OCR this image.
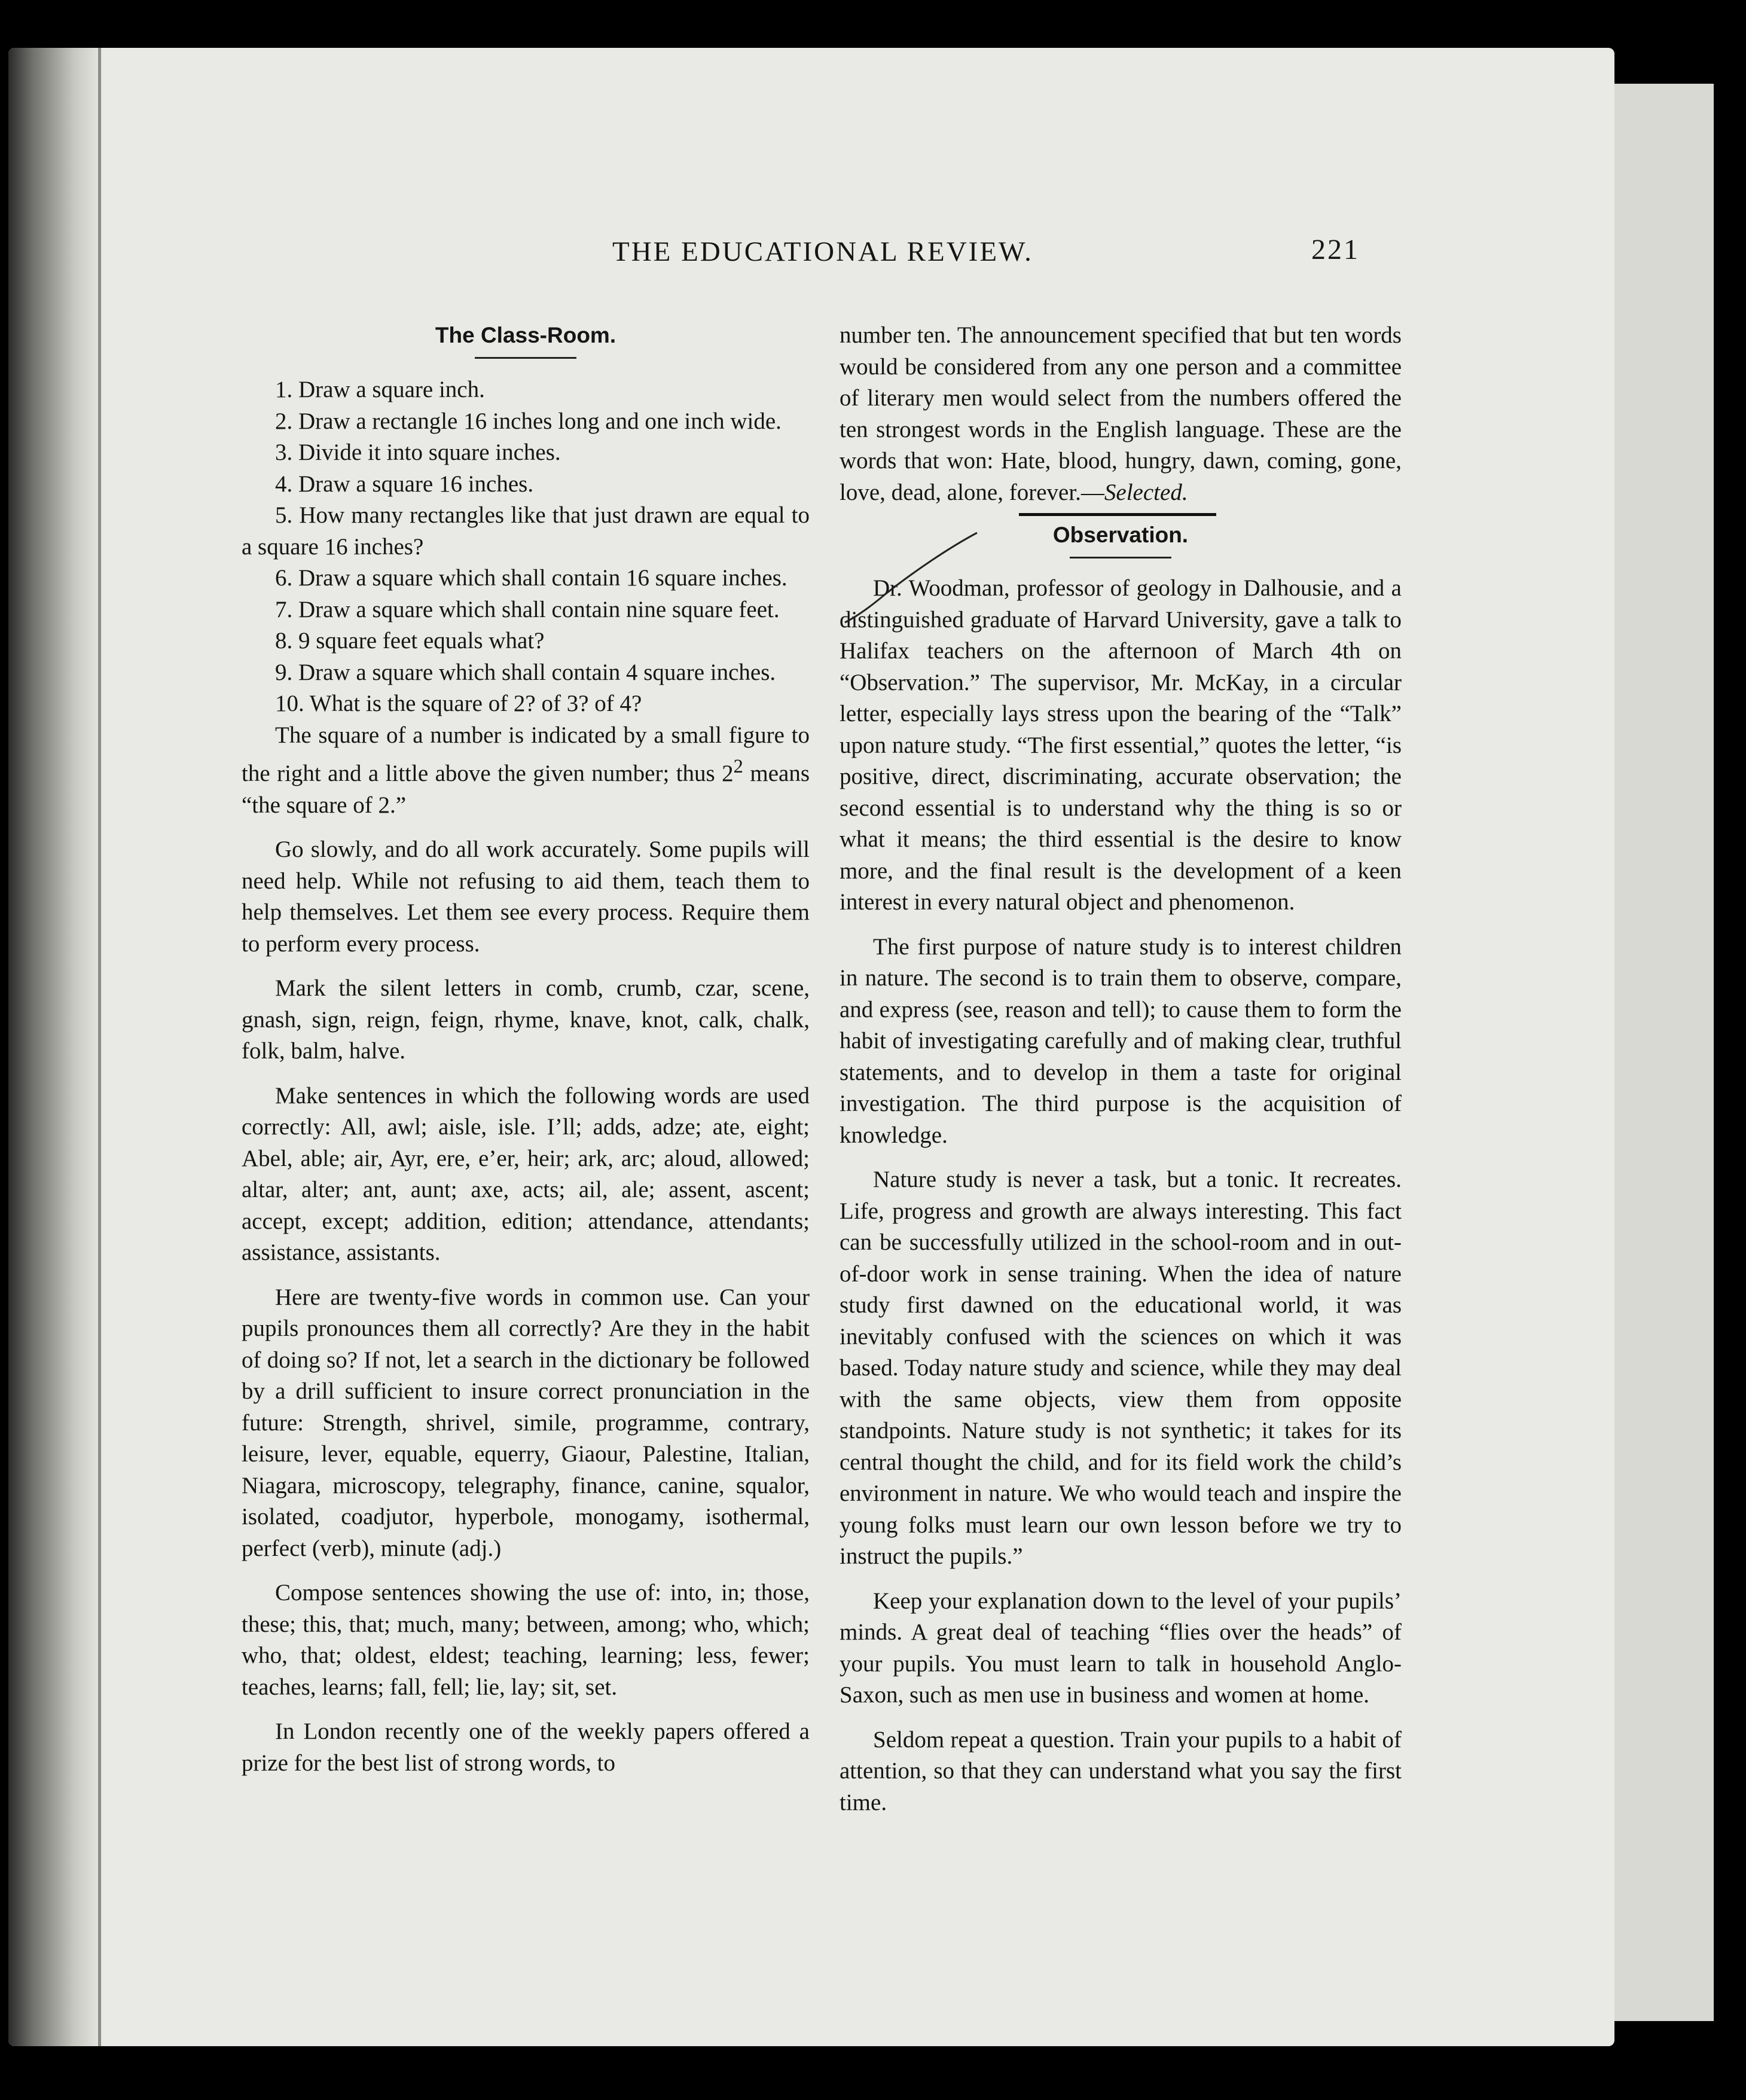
THE EDUCATIONAL REVIEW.	221

The Class-Room.

1. Draw a square inch.

2. Draw a rectangle 16 inches long and one inch wide.

3. Divide it into square inches.

4. Draw a square 16 inches.

5. How many rectangles like that just drawn are equal to a square 16 inches?

6. Draw a square which shall contain 16 square inches.

7. Draw a square which shall contain nine square feet.

8. 9 square feet equals what?

9. Draw a square which shall contain 4 square inches.

10. What is the square of 2? of 3? of 4?

The square of a number is indicated by a small figure to the right and a little above the given number; thus $2^2$ means “the square of 2.”

Go slowly, and do all work accurately. Some pupils will need help. While not refusing to aid them, teach them to help themselves. Let them see every process. Require them to perform every process.

Mark the silent letters in comb, crumb, czar, scene, gnash, sign, reign, feign, rhyme, knave, knot, calk, chalk, folk, balm, halve.

Make sentences in which the following words are used correctly: All, awl; aisle, isle. I’ll; adds, adze; ate, eight; Abel, able; air, Ayr, ere, e’er, heir; ark, arc; aloud, allowed; altar, alter; ant, aunt; axe, acts; ail, ale; assent, ascent; accept, except; addition, edition; attendance, attendants; assistance, assistants.

Here are twenty-five words in common use. Can your pupils pronounces them all correctly? Are they in the habit of doing so? If not, let a search in the dictionary be followed by a drill sufficient to insure correct pronunciation in the future: Strength, shrivel, simile, programme, contrary, leisure, lever, equable, equerry, Giaour, Palestine, Italian, Niagara, microscopy, telegraphy, finance, canine, squalor, isolated, coadjutor, hyperbole, monogamy, isothermal, perfect (verb), minute (adj.)

Compose sentences showing the use of: into, in; those, these; this, that; much, many; between, among; who, which; who, that; oldest, eldest; teaching, learning; less, fewer; teaches, learns; fall, fell; lie, lay; sit, set.

In London recently one of the weekly papers offered a prize for the best list of strong words, to

number ten. The announcement specified that but ten words would be considered from any one person and a committee of literary men would select from the numbers offered the ten strongest words in the English language. These are the words that won: Hate, blood, hungry, dawn, coming, gone, love, dead, alone, forever.—Selected.

Observation.

Dr. Woodman, professor of geology in Dalhousie, and a distinguished graduate of Harvard University, gave a talk to Halifax teachers on the afternoon of March 4th on “Observation.” The supervisor, Mr. McKay, in a circular letter, especially lays stress upon the bearing of the “Talk” upon nature study. “The first essential,” quotes the letter, “is positive, direct, discriminating, accurate observation; the second essential is to understand why the thing is so or what it means; the third essential is the desire to know more, and the final result is the development of a keen interest in every natural object and phenomenon.

The first purpose of nature study is to interest children in nature. The second is to train them to observe, compare, and express (see, reason and tell); to cause them to form the habit of investigating carefully and of making clear, truthful statements, and to develop in them a taste for original investigation. The third purpose is the acquisition of knowledge.

Nature study is never a task, but a tonic. It recreates. Life, progress and growth are always interesting. This fact can be successfully utilized in the school-room and in out-of-door work in sense training. When the idea of nature study first dawned on the educational world, it was inevitably confused with the sciences on which it was based. Today nature study and science, while they may deal with the same objects, view them from opposite standpoints. Nature study is not synthetic; it takes for its central thought the child, and for its field work the child’s environment in nature. We who would teach and inspire the young folks must learn our own lesson before we try to instruct the pupils.”

Keep your explanation down to the level of your pupils’ minds. A great deal of teaching “flies over the heads” of your pupils. You must learn to talk in household Anglo-Saxon, such as men use in business and women at home.

Seldom repeat a question. Train your pupils to a habit of attention, so that they can understand what you say the first time.
